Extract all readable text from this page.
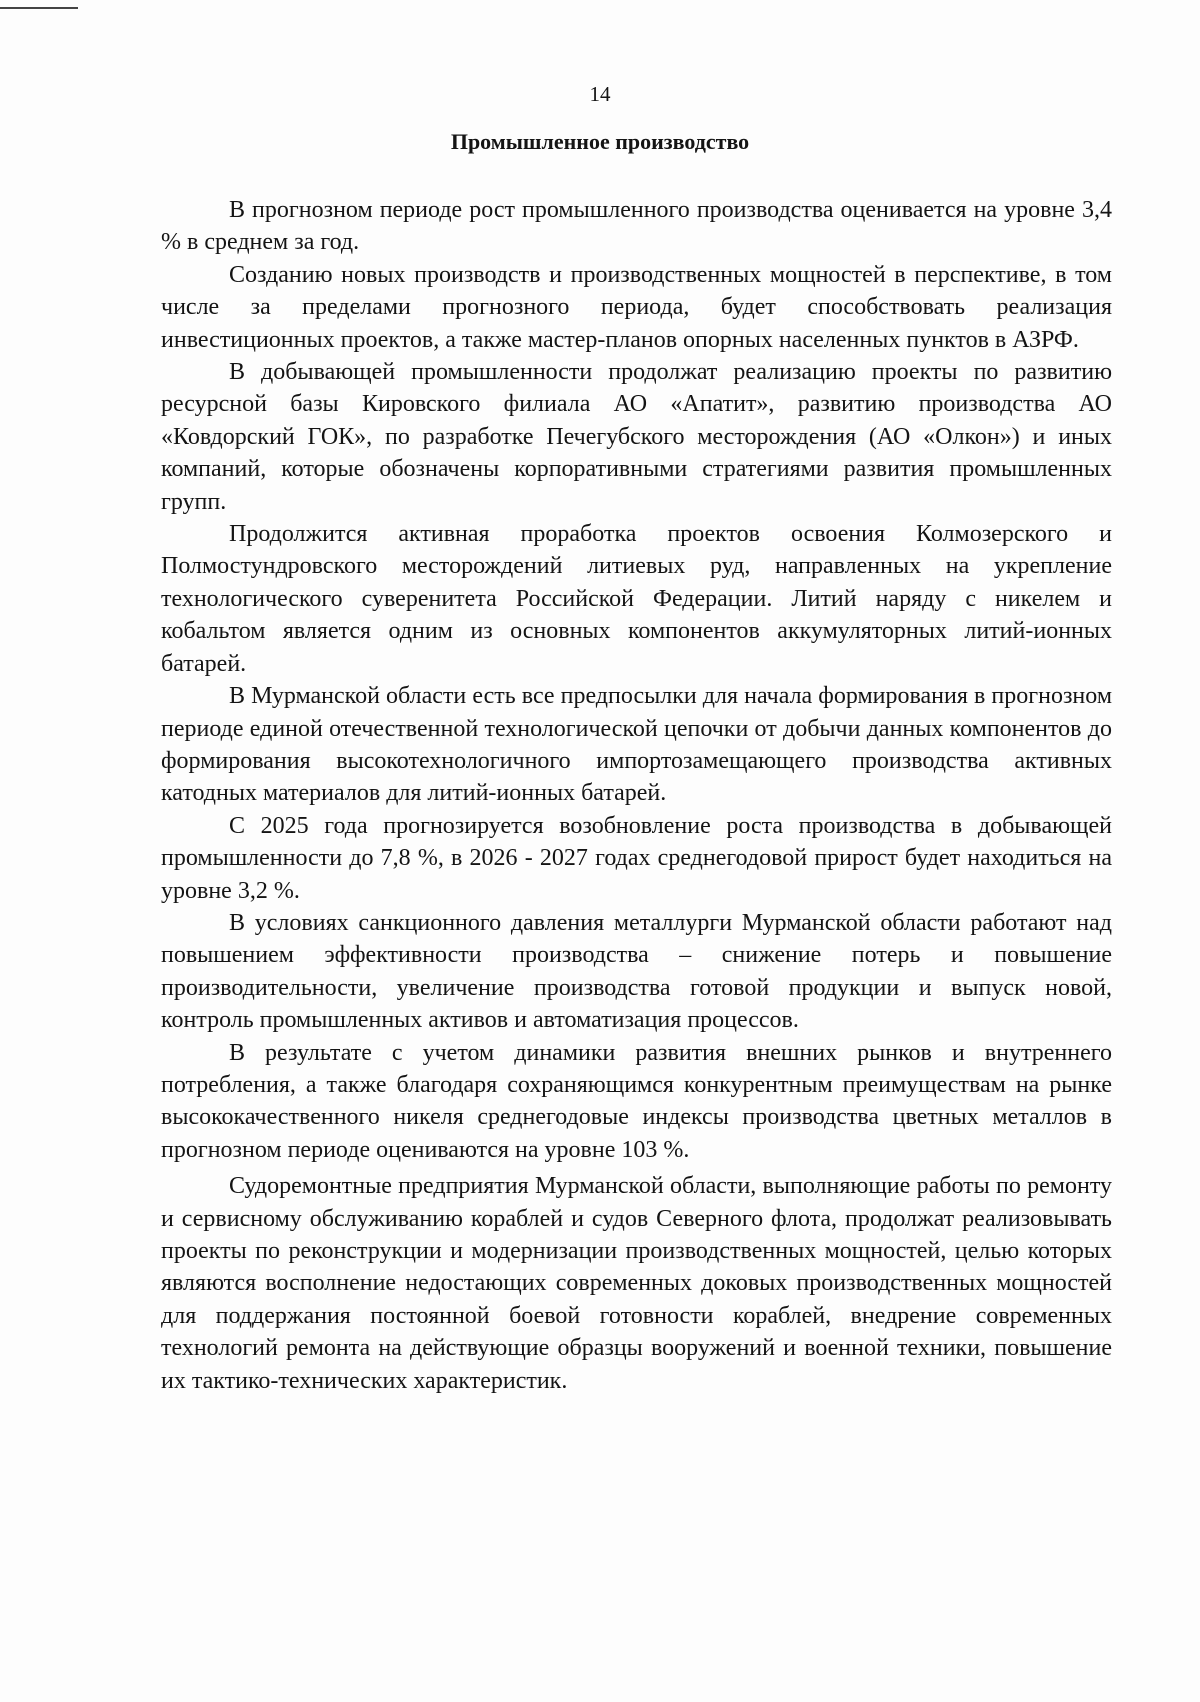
14
Промышленное производство

В прогнозном периоде рост промышленного производства оценивается на уровне 3,4 % в среднем за год.

Созданию новых производств и производственных мощностей в перспективе, в том числе за пределами прогнозного периода, будет способствовать реализация инвестиционных проектов, а также мастер-планов опорных населенных пунктов в АЗРФ.

В добывающей промышленности продолжат реализацию проекты по развитию ресурсной базы Кировского филиала АО «Апатит», развитию производства АО «Ковдорский ГОК», по разработке Печегубского месторождения (АО «Олкон») и иных компаний, которые обозначены корпоративными стратегиями развития промышленных групп.

Продолжится активная проработка проектов освоения Колмозерского и Полмостундровского месторождений литиевых руд, направленных на укрепление технологического суверенитета Российской Федерации. Литий наряду с никелем и кобальтом является одним из основных компонентов аккумуляторных литий-ионных батарей.

В Мурманской области есть все предпосылки для начала формирования в прогнозном периоде единой отечественной технологической цепочки от добычи данных компонентов до формирования высокотехнологичного импортозамещающего производства активных катодных материалов для литий-ионных батарей.

С 2025 года прогнозируется возобновление роста производства в добывающей промышленности до 7,8 %, в 2026 - 2027 годах среднегодовой прирост будет находиться на уровне 3,2 %.

В условиях санкционного давления металлурги Мурманской области работают над повышением эффективности производства – снижение потерь и повышение производительности, увеличение производства готовой продукции и выпуск новой, контроль промышленных активов и автоматизация процессов.

В результате с учетом динамики развития внешних рынков и внутреннего потребления, а также благодаря сохраняющимся конкурентным преимуществам на рынке высококачественного никеля среднегодовые индексы производства цветных металлов в прогнозном периоде оцениваются на уровне 103 %.

Судоремонтные предприятия Мурманской области, выполняющие работы по ремонту и сервисному обслуживанию кораблей и судов Северного флота, продолжат реализовывать проекты по реконструкции и модернизации производственных мощностей, целью которых являются восполнение недостающих современных доковых производственных мощностей для поддержания постоянной боевой готовности кораблей, внедрение современных технологий ремонта на действующие образцы вооружений и военной техники, повышение их тактико-технических характеристик.
